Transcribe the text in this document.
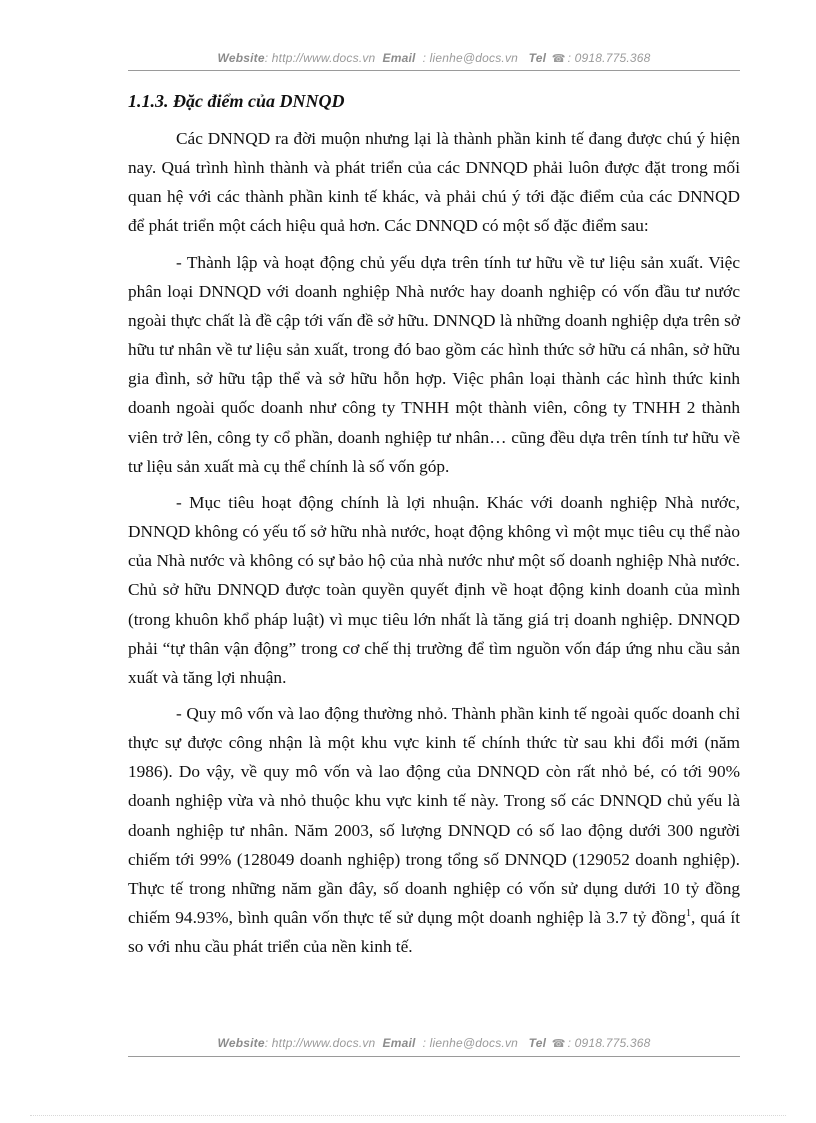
Website: http://www.docs.vn Email : lienhe@docs.vn Tel ☎ : 0918.775.368
1.1.3. Đặc điểm của DNNQD

Các DNNQD ra đời muộn nhưng lại là thành phần kinh tế đang được chú ý hiện nay. Quá trình hình thành và phát triển của các DNNQD phải luôn được đặt trong mối quan hệ với các thành phần kinh tế khác, và phải chú ý tới đặc điểm của các DNNQD để phát triển một cách hiệu quả hơn. Các DNNQD có một số đặc điểm sau:

- Thành lập và hoạt động chủ yếu dựa trên tính tư hữu về tư liệu sản xuất. Việc phân loại DNNQD với doanh nghiệp Nhà nước hay doanh nghiệp có vốn đầu tư nước ngoài thực chất là đề cập tới vấn đề sở hữu. DNNQD là những doanh nghiệp dựa trên sở hữu tư nhân về tư liệu sản xuất, trong đó bao gồm các hình thức sở hữu cá nhân, sở hữu gia đình, sở hữu tập thể và sở hữu hỗn hợp. Việc phân loại thành các hình thức kinh doanh ngoài quốc doanh như công ty TNHH một thành viên, công ty TNHH 2 thành viên trở lên, công ty cổ phần, doanh nghiệp tư nhân… cũng đều dựa trên tính tư hữu về tư liệu sản xuất mà cụ thể chính là số vốn góp.

- Mục tiêu hoạt động chính là lợi nhuận. Khác với doanh nghiệp Nhà nước, DNNQD không có yếu tố sở hữu nhà nước, hoạt động không vì một mục tiêu cụ thể nào của Nhà nước và không có sự bảo hộ của nhà nước như một số doanh nghiệp Nhà nước. Chủ sở hữu DNNQD được toàn quyền quyết định về hoạt động kinh doanh của mình (trong khuôn khổ pháp luật) vì mục tiêu lớn nhất là tăng giá trị doanh nghiệp. DNNQD phải “tự thân vận động” trong cơ chế thị trường để tìm nguồn vốn đáp ứng nhu cầu sản xuất và tăng lợi nhuận.

- Quy mô vốn và lao động thường nhỏ. Thành phần kinh tế ngoài quốc doanh chỉ thực sự được công nhận là một khu vực kinh tế chính thức từ sau khi đổi mới (năm 1986). Do vậy, về quy mô vốn và lao động của DNNQD còn rất nhỏ bé, có tới 90% doanh nghiệp vừa và nhỏ thuộc khu vực kinh tế này. Trong số các DNNQD chủ yếu là doanh nghiệp tư nhân. Năm 2003, số lượng DNNQD có số lao động dưới 300 người chiếm tới 99% (128049 doanh nghiệp) trong tổng số DNNQD (129052 doanh nghiệp). Thực tế trong những năm gần đây, số doanh nghiệp có vốn sử dụng dưới 10 tỷ đồng chiếm 94.93%, bình quân vốn thực tế sử dụng một doanh nghiệp là 3.7 tỷ đồng$^1$, quá ít so với nhu cầu phát triển của nền kinh tế.

Website: http://www.docs.vn Email : lienhe@docs.vn Tel ☎ : 0918.775.368
